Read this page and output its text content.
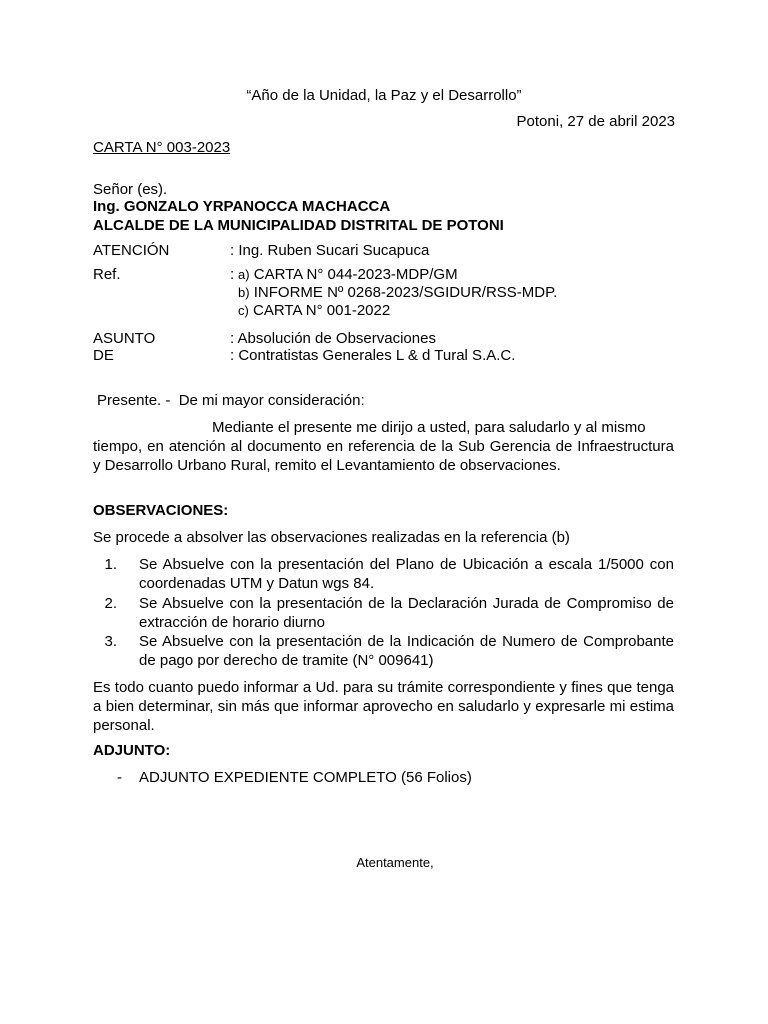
“Año de la Unidad, la Paz y el Desarrollo”

Potoni, 27 de abril 2023

CARTA N° 003-2023

Señor (es).

Ing. GONZALO YRPANOCCA MACHACCA

ALCALDE DE LA MUNICIPALIDAD DISTRITAL DE POTONI

ATENCIÓN	: Ing. Ruben Sucari Sucapuca

Ref.	: a) CARTA N° 044-2023-MDP/GM

b) INFORME Nº 0268-2023/SGIDUR/RSS-MDP.

c) CARTA N° 001-2022

ASUNTO	: Absolución de Observaciones

DE	: Contratistas Generales L & d Tural S.A.C.

Presente. -  De mi mayor consideración:

Mediante el presente me dirijo a usted, para saludarlo y al mismo

tiempo, en atención al documento en referencia de la Sub Gerencia de Infraestructura y Desarrollo Urbano Rural, remito el Levantamiento de observaciones.

OBSERVACIONES:

Se procede a absolver las observaciones realizadas en la referencia (b)

1. Se Absuelve con la presentación del Plano de Ubicación a escala 1/5000 con coordenadas UTM y Datun wgs 84.

2. Se Absuelve con la presentación de la Declaración Jurada de Compromiso de extracción de horario diurno

3. Se Absuelve con la presentación de la Indicación de Numero de Comprobante de pago por derecho de tramite (N° 009641)

Es todo cuanto puedo informar a Ud. para su trámite correspondiente y fines que tenga a bien determinar, sin más que informar aprovecho en saludarlo y expresarle mi estima personal.

ADJUNTO:

- ADJUNTO EXPEDIENTE COMPLETO (56 Folios)

Atentamente,
